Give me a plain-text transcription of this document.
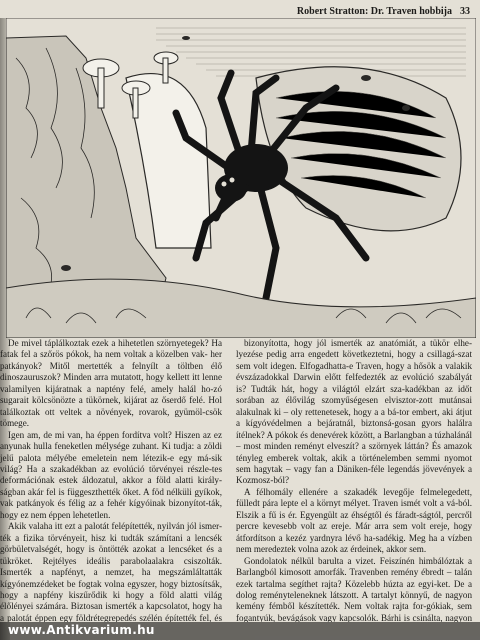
Robert Stratton: Dr. Traven hobbija 33

De mivel táplálkoztak ezek a hihetetlen szörnyetegek? Ha fatak fel a szőrös pókok, ha nem voltak a közelben vak- her patkányok? Mitől mertették a felnyílt a töltben élő dinoszauruszok? Minden arra mutatott, hogy kellett itt lenne valamilyen kijáratnak a naptény felé, amely halál ho-zó sugarait kölcsönözte a tükörnek, kijárat az őserdő felé. Hol találkoztak ott veltek a növények, rovarok, gyümöl-csök tömege.

Igen am, de mi van, ha éppen fordítva volt? Hiszen az ez anyunak hulla feneketlen mélysége zuhant. Ki tudja: a zöldi jelű palota mélyébe emeletein nem létezik-e egy má-sik világ? Ha a szakadékban az evolúció törvényei részle-tes deformációnak estek áldozatul, akkor a föld alatti király-ságban akár fel is függeszthették őket. A föd nélküli gyíkok, vak patkányok és félig az a fehér kígyóinak bizonyítot-ták, hogy ez nem éppen lehetetlen.

Akik valaha itt ezt a palotát felépítették, nyilván jól ismer-ték a fizika törvényeit, hisz ki tudták számítani a lencsék görbületvalségét, hogy is öntötték azokat a lencséket és a tükröket. Rejtélyes ideális parabolaalakra csiszolták. Ismerték a napfényt, a nemzet, ha megszámláltatták kígyónemzédeket be fogtak volna egyszer, hogy biztosítsák, hogy a napfény kiszűrődik ki hogy a föld alatti világ élőlényei számára. Biztosan ismerték a kapcsolatot, hogy ha a palotát éppen egy földrétegrepedés szélén építették fel, és

bizonyította, hogy jól ismerték az anatómiát, a tükör elhe-lyezése pedig arra engedett következtetni, hogy a csillagá-szat sem volt idegen. Elfogadhatta-e Traven, hogy a hősök a valakik évszázadokkal Darwin előtt felfedezték az evolúció szabályát is? Tudták hát, hogy a világtól elzárt sza-kadékban az időt sorában az élővilág szomyűségesen elvisztor-zott mutánsai alakulnak ki – oly rettenetesek, hogy a a bá-tor embert, aki átjut a kígyóvédelmen a bejáratnál, biztonsá-gosan gyors halálra ítélnek? A pókok és denevérek között, a Barlangban a túzhalánál – most minden reményt elveszít? a szörnyek láttán? És amazok tényleg emberek voltak, akik a történelemben semmi nyomot sem hagytak – vagy fan a Däniken-féle legendás jövevények a Kozmosz-ból?

A félhomály ellenére a szakadék levegője felmelegedett, fülledt pára lepte el a környt mélyet. Traven ismét volt a vá-ból. Elszik a fű is ér. Egyengült az éhségtől és fáradt-ságtól, percről percre kevesebb volt az ereje. Már arra sem volt ereje, hogy átfordítson a kezéz yardnyra lévő ha-sadékig. Meg ha a vízben nem meredeztek volna azok az érdeinek, akkor sem.

Gondolatok nélkül barulta a vizet. Feiszínén himbálóztak a Barlangból kimosott amorfák. Travenben remény ébredt – talán ezek tartalma segíthet rajta? Közelebb húzta az egyi-ket. De a dolog reményteleneknek látszott. A tartalyt könnyű, de nagyon kemény fémből készítették. Nem voltak rajta for-gókiak, sem fogantyúk, bevágások vagy kapcsolók. Bárhi is csinálta, nagyon

www.Antikvarium.hu
